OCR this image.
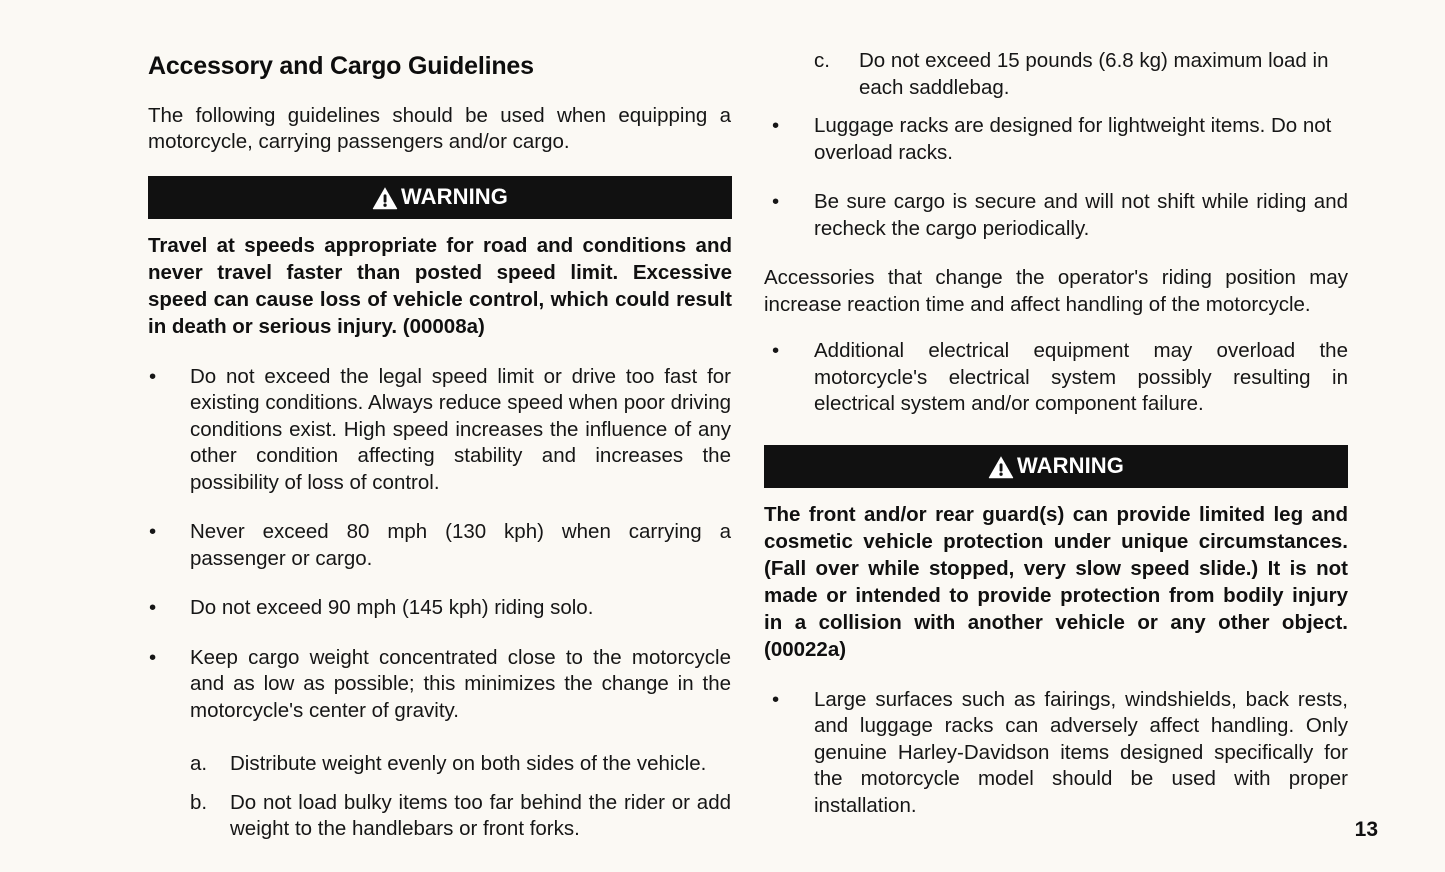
Accessory and Cargo Guidelines

The following guidelines should be used when equipping a motorcycle, carrying passengers and/or cargo.

WARNING

Travel at speeds appropriate for road and conditions and never travel faster than posted speed limit. Excessive speed can cause loss of vehicle control, which could result in death or serious injury. (00008a)

• Do not exceed the legal speed limit or drive too fast for existing conditions. Always reduce speed when poor driving conditions exist. High speed increases the influence of any other condition affecting stability and increases the possibility of loss of control.
• Never exceed 80 mph (130 kph) when carrying a passenger or cargo.
• Do not exceed 90 mph (145 kph) riding solo.
• Keep cargo weight concentrated close to the motorcycle and as low as possible; this minimizes the change in the motorcycle's center of gravity.
a. Distribute weight evenly on both sides of the vehicle.
b. Do not load bulky items too far behind the rider or add weight to the handlebars or front forks.
c. Do not exceed 15 pounds (6.8 kg) maximum load in each saddlebag.
• Luggage racks are designed for lightweight items. Do not overload racks.
• Be sure cargo is secure and will not shift while riding and recheck the cargo periodically.

Accessories that change the operator's riding position may increase reaction time and affect handling of the motorcycle.

• Additional electrical equipment may overload the motorcycle's electrical system possibly resulting in electrical system and/or component failure.
WARNING

The front and/or rear guard(s) can provide limited leg and cosmetic vehicle protection under unique circumstances. (Fall over while stopped, very slow speed slide.) It is not made or intended to provide protection from bodily injury in a collision with another vehicle or any other object. (00022a)

• Large surfaces such as fairings, windshields, back rests, and luggage racks can adversely affect handling. Only genuine Harley-Davidson items designed specifically for the motorcycle model should be used with proper installation.
13
